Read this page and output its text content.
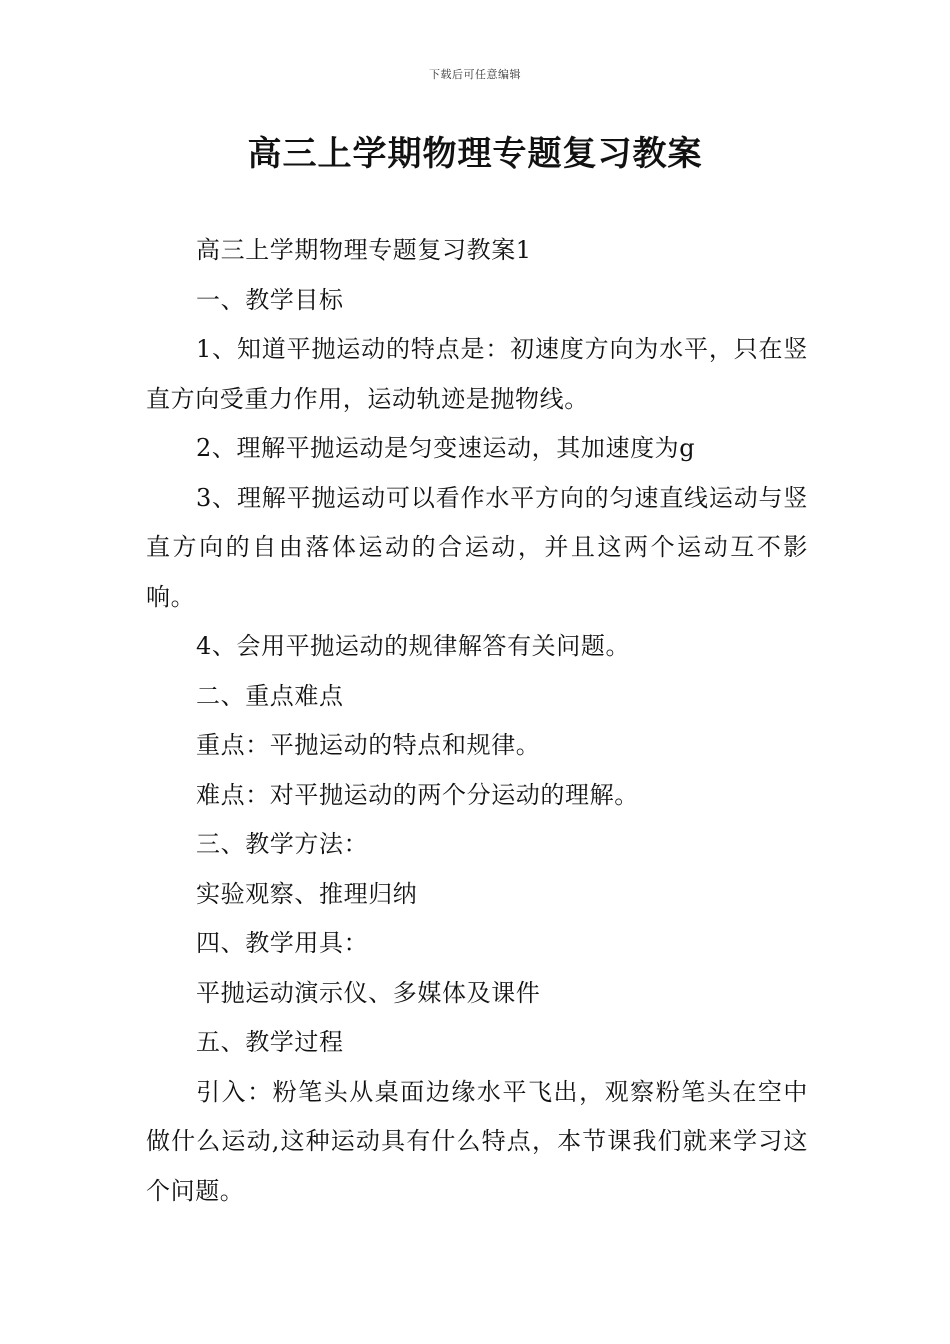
下载后可任意编辑
高三上学期物理专题复习教案

高三上学期物理专题复习教案1

一、教学目标

1、知道平抛运动的特点是：初速度方向为水平，只在竖直方向受重力作用，运动轨迹是抛物线。

2、理解平抛运动是匀变速运动，其加速度为g

3、理解平抛运动可以看作水平方向的匀速直线运动与竖直方向的自由落体运动的合运动，并且这两个运动互不影响。

4、会用平抛运动的规律解答有关问题。

二、重点难点

重点：平抛运动的特点和规律。

难点：对平抛运动的两个分运动的理解。

三、教学方法：

实验观察、推理归纳

四、教学用具：

平抛运动演示仪、多媒体及课件

五、教学过程

引入：粉笔头从桌面边缘水平飞出，观察粉笔头在空中做什么运动,这种运动具有什么特点，本节课我们就来学习这个问题。
